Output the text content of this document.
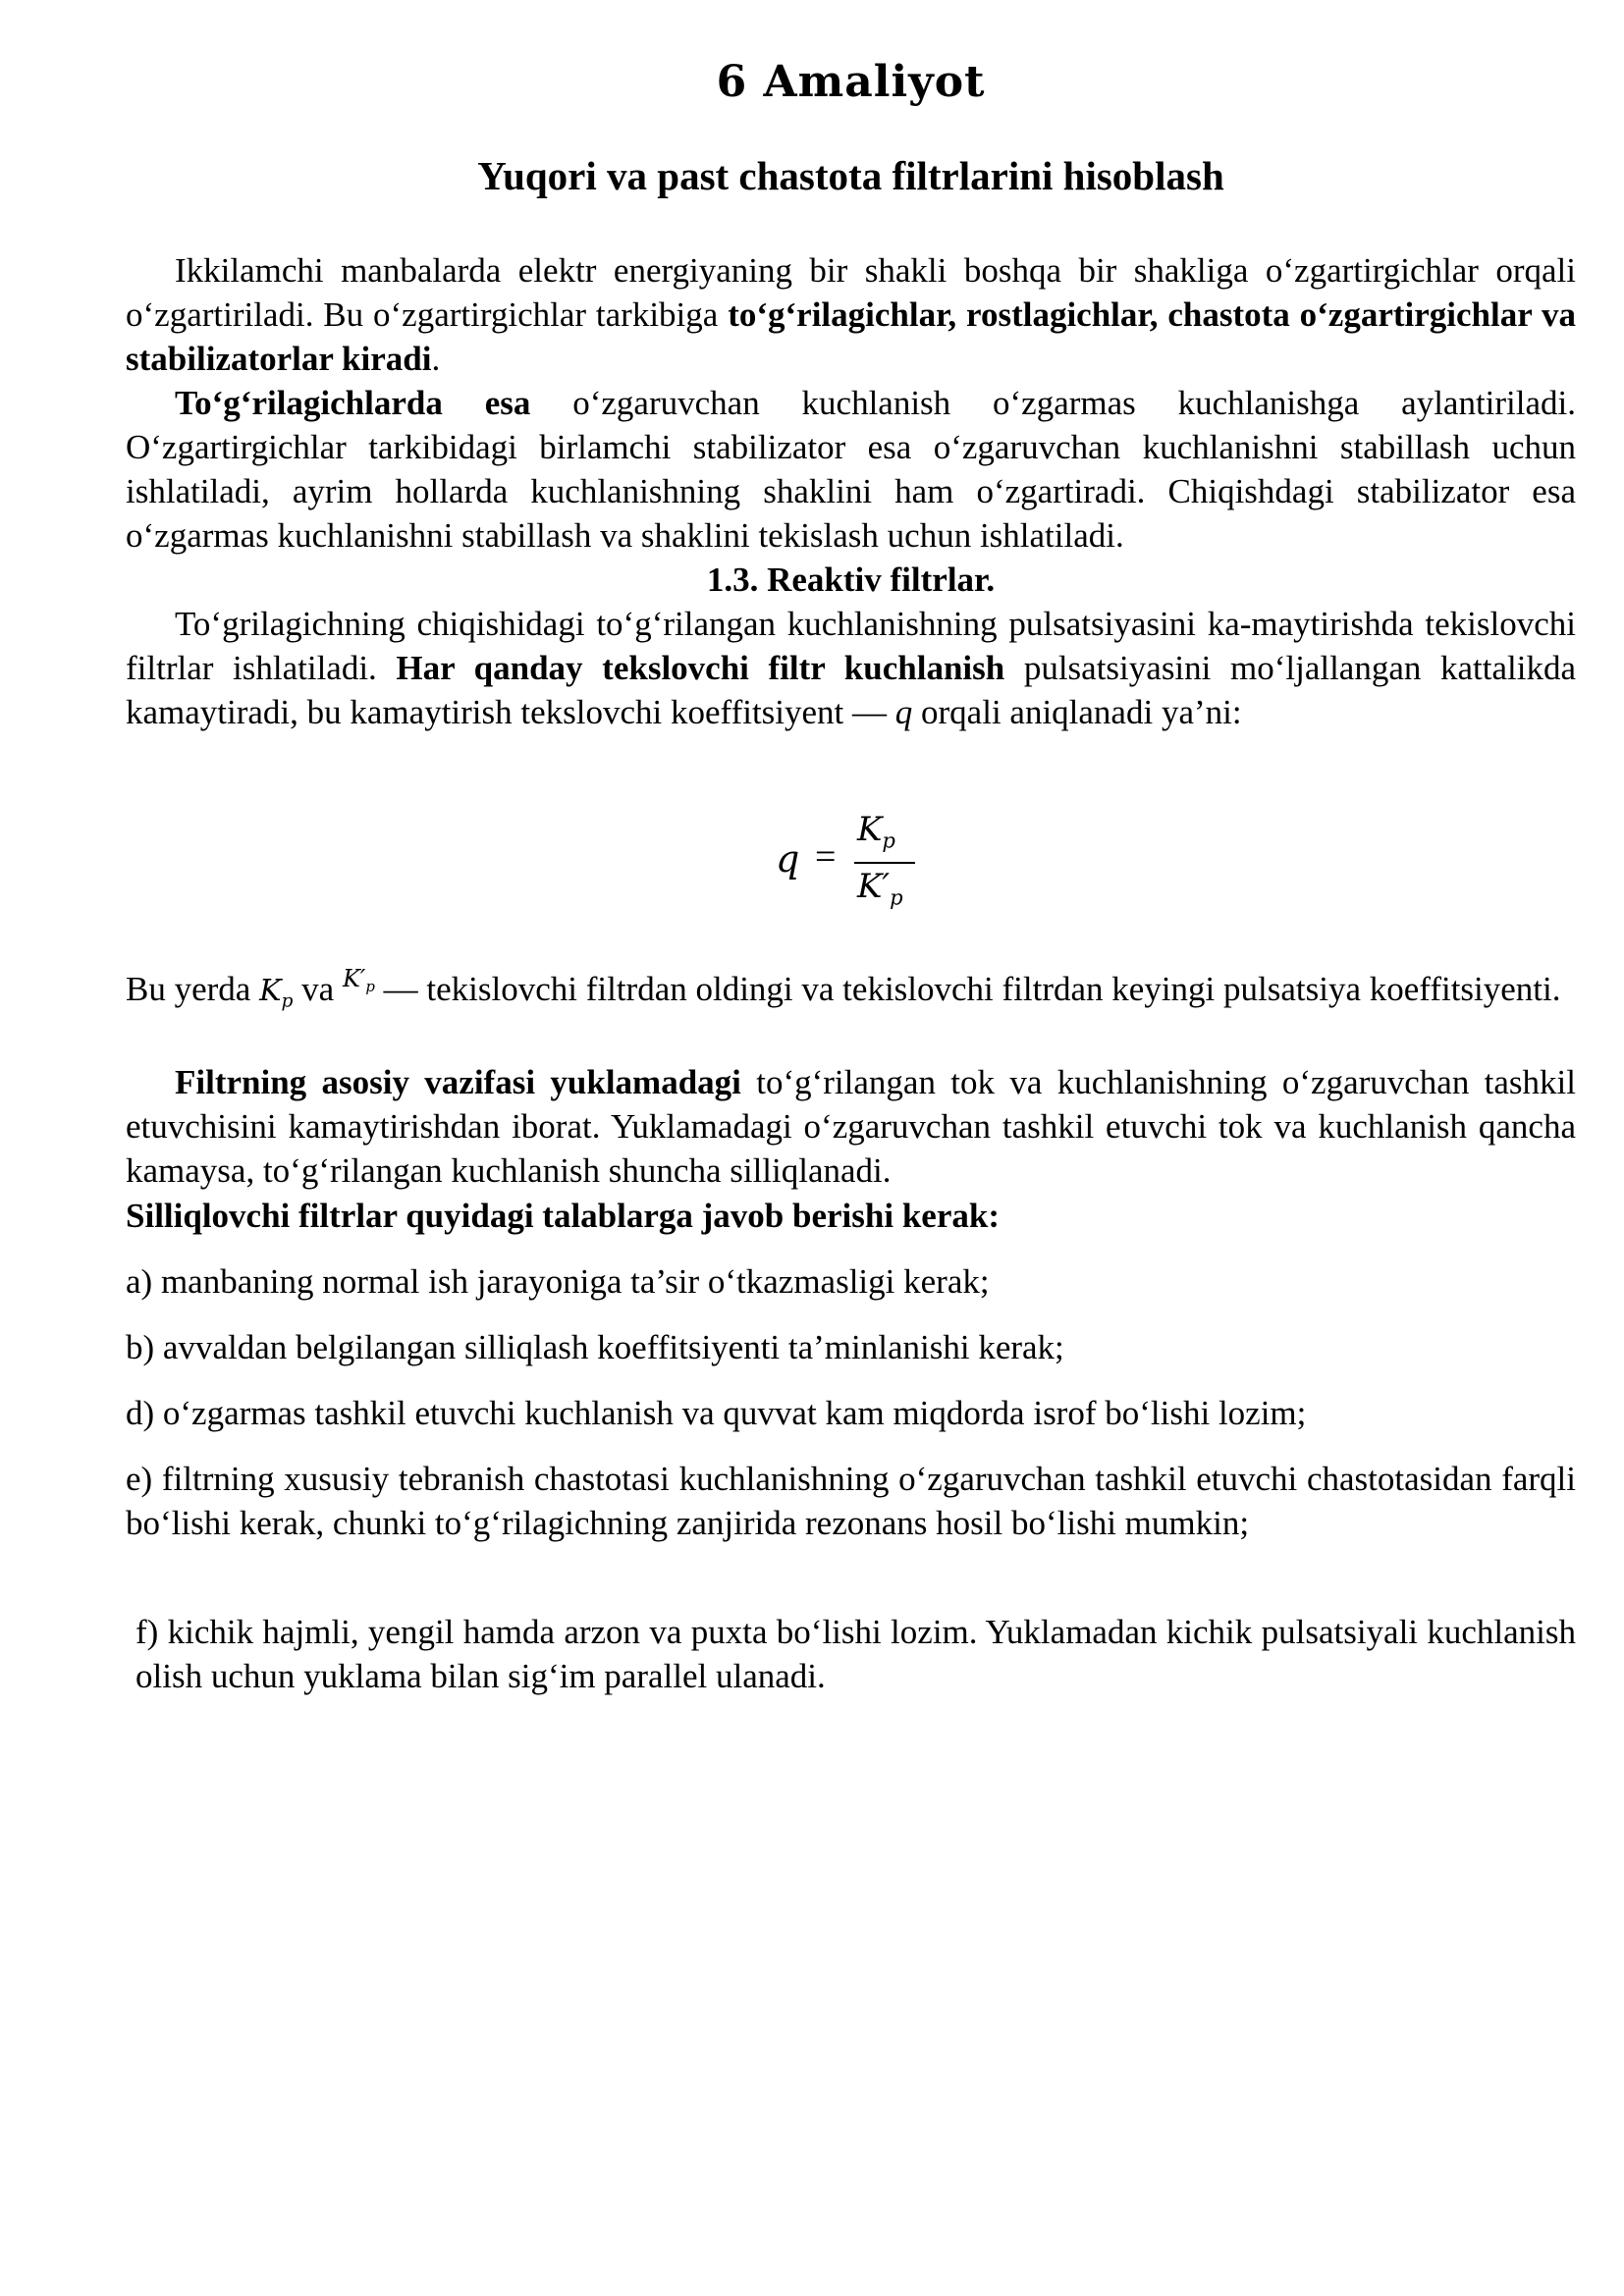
6 Amaliyot
Yuqori va past chastota filtrlarini hisoblash
Ikkilamchi manbalarda elektr energiyaning bir shakli boshqa bir shakliga o‘zgartirgichlar orqali o‘zgartiriladi. Bu o‘zgartirgichlar tarkibiga to‘g‘rilagichlar, rostlagichlar, chastota o‘zgartirgichlar va stabilizatorlar kiradi.
To‘g‘rilagichlarda esa o‘zgaruvchan kuchlanish o‘zgarmas kuchlanishga aylantiriladi. O‘zgartirgichlar tarkibidagi birlamchi stabilizator esa o‘zgaruvchan kuchlanishni stabillash uchun ishlatiladi, ayrim hollarda kuchlanishning shaklini ham o‘zgartiradi. Chiqishdagi stabilizator esa o‘zgarmas kuchlanishni stabillash va shaklini tekislash uchun ishlatiladi.
1.3. Reaktiv filtrlar.
To‘grilagichning chiqishidagi to‘g‘rilangan kuchlanishning pulsatsiyasini ka-maytirishda tekislovchi filtrlar ishlatiladi. Har qanday tekslovchi filtr kuchlanish pulsatsiyasini mo‘ljallangan kattalikda kamaytiradi, bu kamaytirish tekslovchi koeffitsiyent — q orqali aniqlanadi ya’ni:
q =
$K_p$
$K'_p$
Bu yerda $K_p$ va $^{K'_p}$ — tekislovchi filtrdan oldingi va tekislovchi filtrdan keyingi pulsatsiya koeffitsiyenti.
Filtrning asosiy vazifasi yuklamadagi to‘g‘rilangan tok va kuchlanishning o‘zgaruvchan tashkil etuvchisini kamaytirishdan iborat. Yuklamadagi o‘zgaruvchan tashkil etuvchi tok va kuchlanish qancha kamaysa, to‘g‘rilangan kuchlanish shuncha silliqlanadi.
Silliqlovchi filtrlar quyidagi talablarga javob berishi kerak:
a) manbaning normal ish jarayoniga ta’sir o‘tkazmasligi kerak;
b) avvaldan belgilangan silliqlash koeffitsiyenti ta’minlanishi kerak;
d) o‘zgarmas tashkil etuvchi kuchlanish va quvvat kam miqdorda isrof bo‘lishi lozim;
e) filtrning xususiy tebranish chastotasi kuchlanishning o‘zgaruvchan tashkil etuvchi chastotasidan farqli bo‘lishi kerak, chunki to‘g‘rilagichning zanjirida rezonans hosil bo‘lishi mumkin;
f) kichik hajmli, yengil hamda arzon va puxta bo‘lishi lozim. Yuklamadan kichik pulsatsiyali kuchlanish olish uchun yuklama bilan sig‘im parallel ulanadi.
